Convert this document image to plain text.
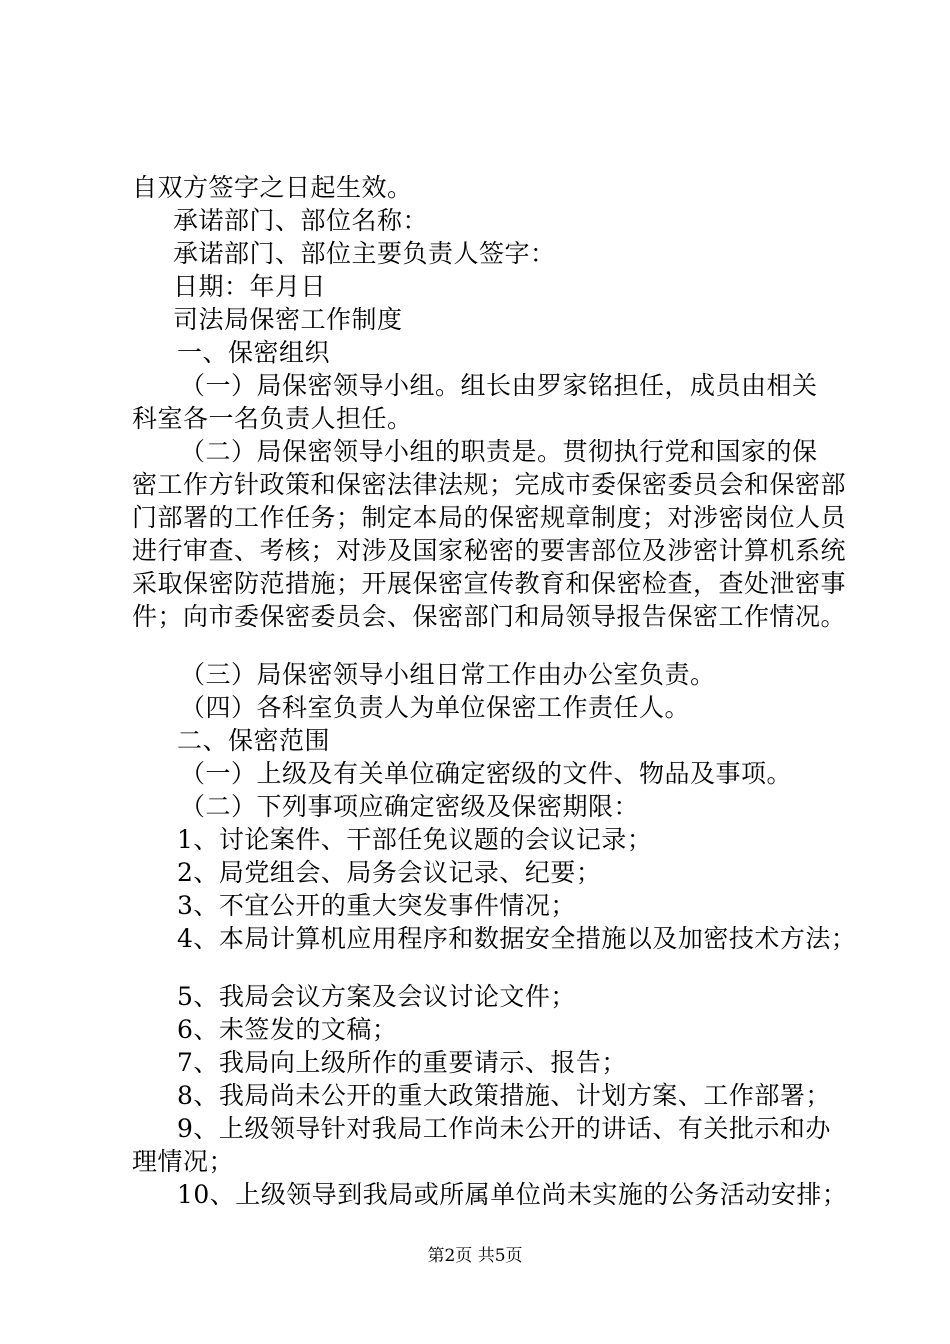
自双方签字之日起生效。
承诺部门、部位名称：
承诺部门、部位主要负责人签字：
日期：年月日
司法局保密工作制度
一、保密组织
（一）局保密领导小组。组长由罗家铭担任，成员由相关
科室各一名负责人担任。
（二）局保密领导小组的职责是。贯彻执行党和国家的保
密工作方针政策和保密法律法规；完成市委保密委员会和保密部
门部署的工作任务；制定本局的保密规章制度；对涉密岗位人员
进行审查、考核；对涉及国家秘密的要害部位及涉密计算机系统
采取保密防范措施；开展保密宣传教育和保密检查，查处泄密事
件；向市委保密委员会、保密部门和局领导报告保密工作情况。
（三）局保密领导小组日常工作由办公室负责。
（四）各科室负责人为单位保密工作责任人。
二、保密范围
（一）上级及有关单位确定密级的文件、物品及事项。
（二）下列事项应确定密级及保密期限：
1、讨论案件、干部任免议题的会议记录；
2、局党组会、局务会议记录、纪要；
3、不宜公开的重大突发事件情况；
4、本局计算机应用程序和数据安全措施以及加密技术方法；
5、我局会议方案及会议讨论文件；
6、未签发的文稿；
7、我局向上级所作的重要请示、报告；
8、我局尚未公开的重大政策措施、计划方案、工作部署；
9、上级领导针对我局工作尚未公开的讲话、有关批示和办
理情况；
10、上级领导到我局或所属单位尚未实施的公务活动安排；
第2页 共5页
